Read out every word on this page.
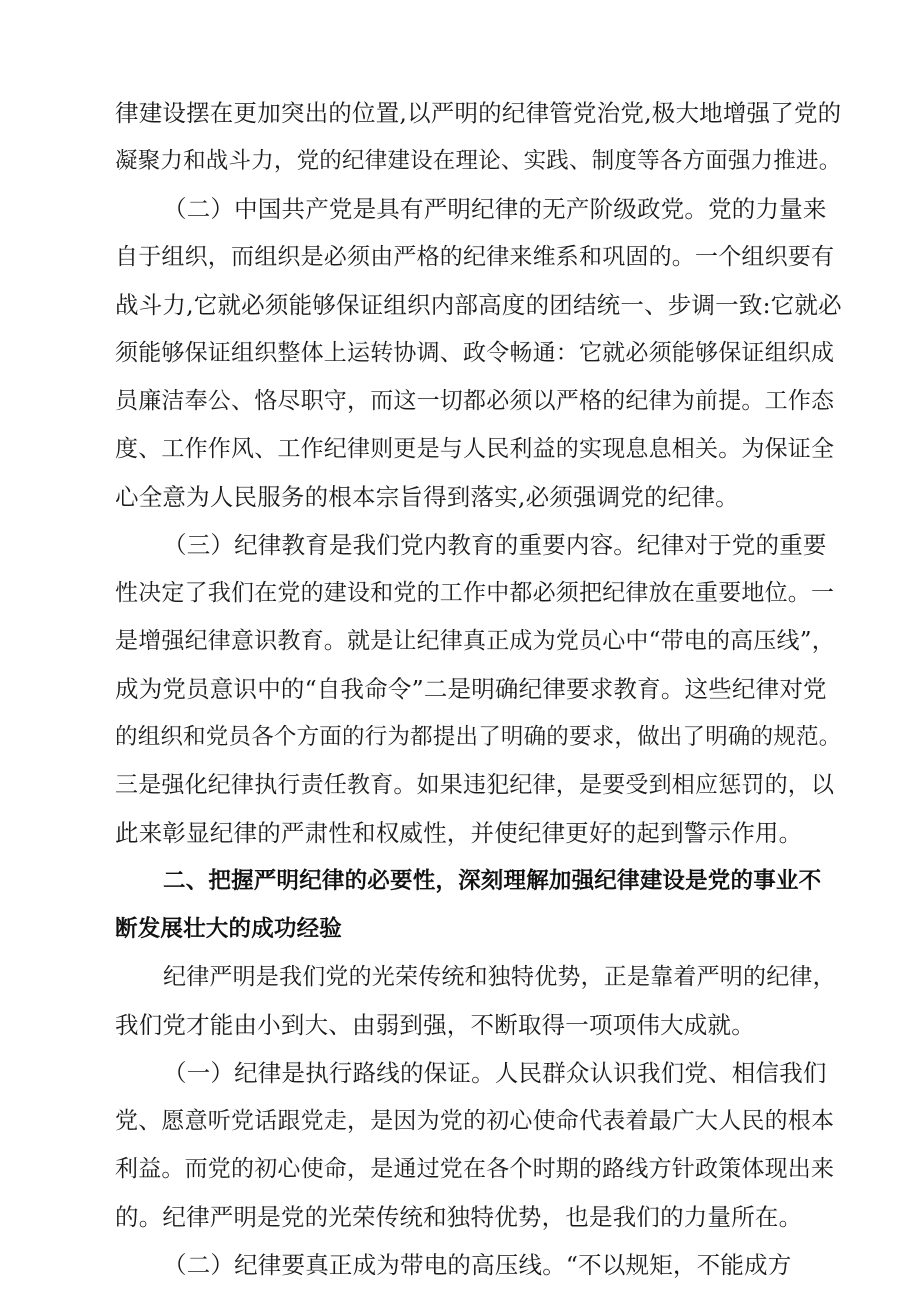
律建设摆在更加突出的位置,以严明的纪律管党治党,极大地增强了党的
凝聚力和战斗力，党的纪律建设在理论、实践、制度等各方面强力推进。
（二）中国共产党是具有严明纪律的无产阶级政党。党的力量来
自于组织，而组织是必须由严格的纪律来维系和巩固的。一个组织要有
战斗力,它就必须能够保证组织内部高度的团结统一、步调一致:它就必
须能够保证组织整体上运转协调、政令畅通：它就必须能够保证组织成
员廉洁奉公、恪尽职守，而这一切都必须以严格的纪律为前提。工作态
度、工作作风、工作纪律则更是与人民利益的实现息息相关。为保证全
心全意为人民服务的根本宗旨得到落实,必须强调党的纪律。
（三）纪律教育是我们党内教育的重要内容。纪律对于党的重要
性决定了我们在党的建设和党的工作中都必须把纪律放在重要地位。一
是增强纪律意识教育。就是让纪律真正成为党员心中“带电的高压线”，
成为党员意识中的“自我命令”二是明确纪律要求教育。这些纪律对党
的组织和党员各个方面的行为都提出了明确的要求，做出了明确的规范。
三是强化纪律执行责任教育。如果违犯纪律，是要受到相应惩罚的，以
此来彰显纪律的严肃性和权威性，并使纪律更好的起到警示作用。
二、把握严明纪律的必要性，深刻理解加强纪律建设是党的事业不
断发展壮大的成功经验
纪律严明是我们党的光荣传统和独特优势，正是靠着严明的纪律，
我们党才能由小到大、由弱到强，不断取得一项项伟大成就。
（一）纪律是执行路线的保证。人民群众认识我们党、相信我们
党、愿意听党话跟党走，是因为党的初心使命代表着最广大人民的根本
利益。而党的初心使命，是通过党在各个时期的路线方针政策体现出来
的。纪律严明是党的光荣传统和独特优势，也是我们的力量所在。
（二）纪律要真正成为带电的高压线。“不以规矩，不能成方
